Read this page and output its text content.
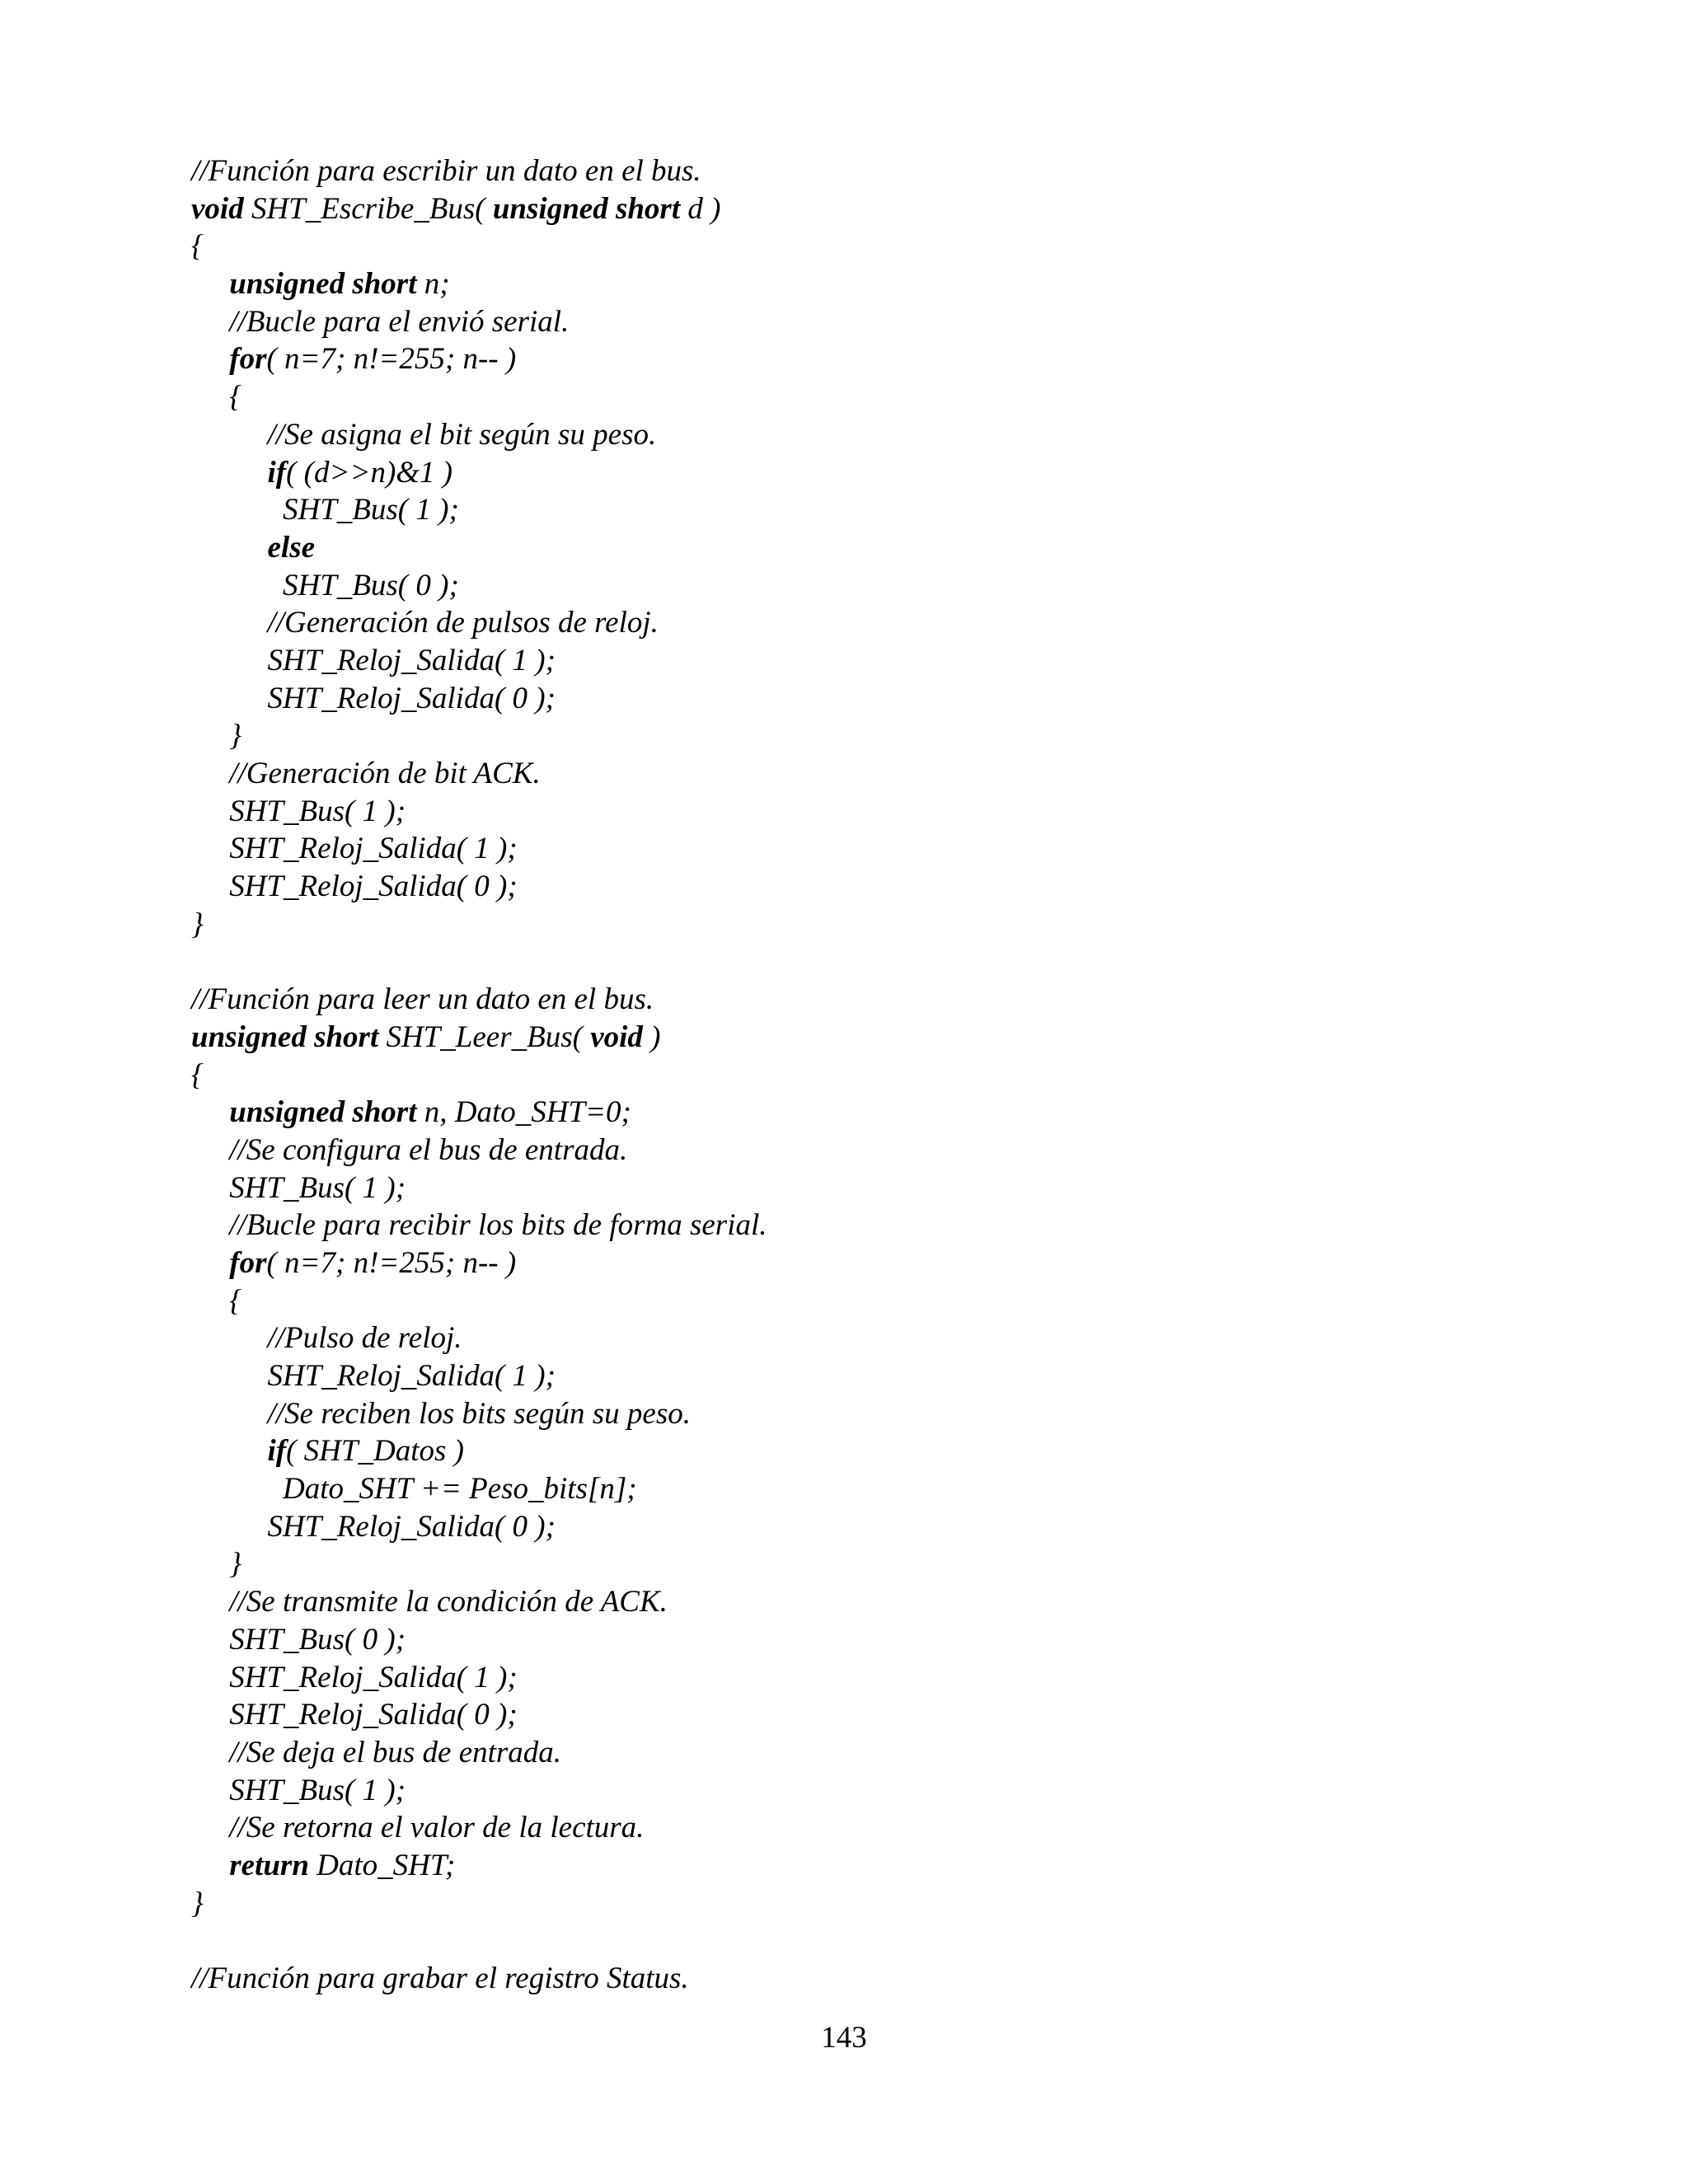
//Función para escribir un dato en el bus.
void SHT_Escribe_Bus( unsigned short d )
{
unsigned short n;
//Bucle para el envió serial.
for( n=7; n!=255; n-- )
{
//Se asigna el bit según su peso.
if( (d>>n)&1 )
SHT_Bus( 1 );
else
SHT_Bus( 0 );
//Generación de pulsos de reloj.
SHT_Reloj_Salida( 1 );
SHT_Reloj_Salida( 0 );
}
//Generación de bit ACK.
SHT_Bus( 1 );
SHT_Reloj_Salida( 1 );
SHT_Reloj_Salida( 0 );
}
//Función para leer un dato en el bus.
unsigned short SHT_Leer_Bus( void )
{
unsigned short n, Dato_SHT=0;
//Se configura el bus de entrada.
SHT_Bus( 1 );
//Bucle para recibir los bits de forma serial.
for( n=7; n!=255; n-- )
{
//Pulso de reloj.
SHT_Reloj_Salida( 1 );
//Se reciben los bits según su peso.
if( SHT_Datos )
Dato_SHT += Peso_bits[n];
SHT_Reloj_Salida( 0 );
}
//Se transmite la condición de ACK.
SHT_Bus( 0 );
SHT_Reloj_Salida( 1 );
SHT_Reloj_Salida( 0 );
//Se deja el bus de entrada.
SHT_Bus( 1 );
//Se retorna el valor de la lectura.
return Dato_SHT;
}
//Función para grabar el registro Status.
143
